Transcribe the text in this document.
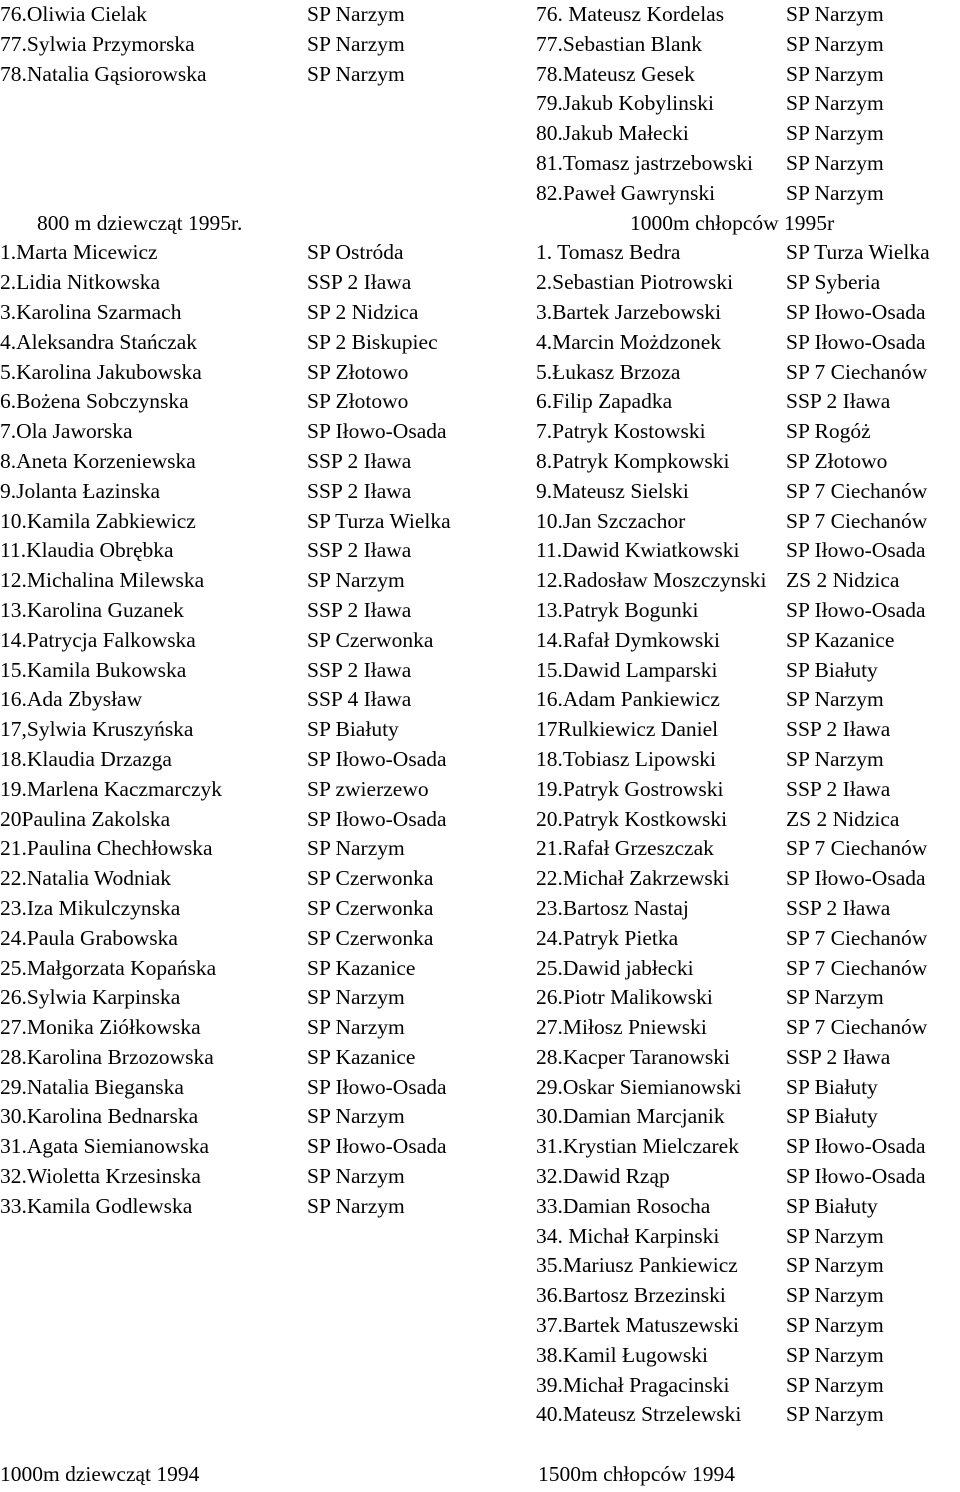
76.Oliwia Cielak	SP Narzym
77.Sylwia Przymorska	SP Narzym
78.Natalia Gąsiorowska	SP Narzym
800 m dziewcząt 1995r.
1.Marta Micewicz	SP Ostróda
2.Lidia Nitkowska	SSP 2 Iława
3.Karolina Szarmach	SP 2 Nidzica
4.Aleksandra Stańczak	SP 2 Biskupiec
5.Karolina Jakubowska	SP Złotowo
6.Bożena Sobczynska	SP Złotowo
7.Ola Jaworska	SP Iłowo-Osada
8.Aneta Korzeniewska	SSP 2 Iława
9.Jolanta Łazinska	SSP 2 Iława
10.Kamila Zabkiewicz	SP Turza Wielka
11.Klaudia Obrębka	SSP 2 Iława
12.Michalina Milewska	SP Narzym
13.Karolina Guzanek	SSP 2 Iława
14.Patrycja Falkowska	SP Czerwonka
15.Kamila Bukowska	SSP 2 Iława
16.Ada Zbysław	SSP 4 Iława
17,Sylwia Kruszyńska	SP Białuty
18.Klaudia Drzazga	SP Iłowo-Osada
19.Marlena Kaczmarczyk	SP zwierzewo
20Paulina Zakolska	SP Iłowo-Osada
21.Paulina Chechłowska	SP Narzym
22.Natalia Wodniak	SP Czerwonka
23.Iza Mikulczynska	SP Czerwonka
24.Paula Grabowska	SP Czerwonka
25.Małgorzata Kopańska	SP Kazanice
26.Sylwia Karpinska	SP Narzym
27.Monika Ziółkowska	SP Narzym
28.Karolina Brzozowska	SP Kazanice
29.Natalia Bieganska	SP Iłowo-Osada
30.Karolina Bednarska	SP Narzym
31.Agata Siemianowska	SP Iłowo-Osada
32.Wioletta Krzesinska	SP Narzym
33.Kamila Godlewska	SP Narzym
76. Mateusz Kordelas	SP Narzym
77.Sebastian Blank	SP Narzym
78.Mateusz Gesek	SP Narzym
79.Jakub Kobylinski	SP Narzym
80.Jakub Małecki	SP Narzym
81.Tomasz jastrzebowski SP Narzym
82.Paweł Gawrynski	SP Narzym
1000m chłopców 1995r
1. Tomasz Bedra	SP Turza Wielka
2.Sebastian Piotrowski SP Syberia
3.Bartek Jarzebowski	SP Iłowo-Osada
4.Marcin Możdzonek	SP Iłowo-Osada
5.Łukasz Brzoza	SP 7 Ciechanów
6.Filip Zapadka	SSP 2 Iława
7.Patryk Kostowski	SP Rogóż
8.Patryk Kompkowski	SP Złotowo
9.Mateusz Sielski	SP 7 Ciechanów
10.Jan Szczachor	SP 7 Ciechanów
11.Dawid Kwiatkowski SP Iłowo-Osada
12.Radosław Moszczynski ZS 2 Nidzica
13.Patryk Bogunki	SP Iłowo-Osada
14.Rafał Dymkowski	SP Kazanice
15.Dawid Lamparski	SP Białuty
16.Adam Pankiewicz	SP Narzym
17Rulkiewicz Daniel	SSP 2 Iława
18.Tobiasz Lipowski	SP Narzym
19.Patryk Gostrowski	SSP 2 Iława
20.Patryk Kostkowski	ZS 2 Nidzica
21.Rafał Grzeszczak	SP 7 Ciechanów
22.Michał Zakrzewski	SP Iłowo-Osada
23.Bartosz Nastaj	SSP 2 Iława
24.Patryk Pietka	SP 7 Ciechanów
25.Dawid jabłecki	SP 7 Ciechanów
26.Piotr Malikowski	SP Narzym
27.Miłosz Pniewski	SP 7 Ciechanów
28.Kacper Taranowski	SSP 2 Iława
29.Oskar Siemianowski SP Białuty
30.Damian Marcjanik	SP Białuty
31.Krystian Mielczarek SP Iłowo-Osada
32.Dawid Rząp	SP Iłowo-Osada
33.Damian Rosocha	SP Białuty
34. Michał Karpinski	SP Narzym
35.Mariusz Pankiewicz SP Narzym
36.Bartosz Brzezinski	SP Narzym
37.Bartek Matuszewski SP Narzym
38.Kamil Ługowski	SP Narzym
39.Michał Pragacinski	SP Narzym
40.Mateusz Strzelewski SP Narzym
1000m dziewcząt 1994	1500m chłopców 1994
